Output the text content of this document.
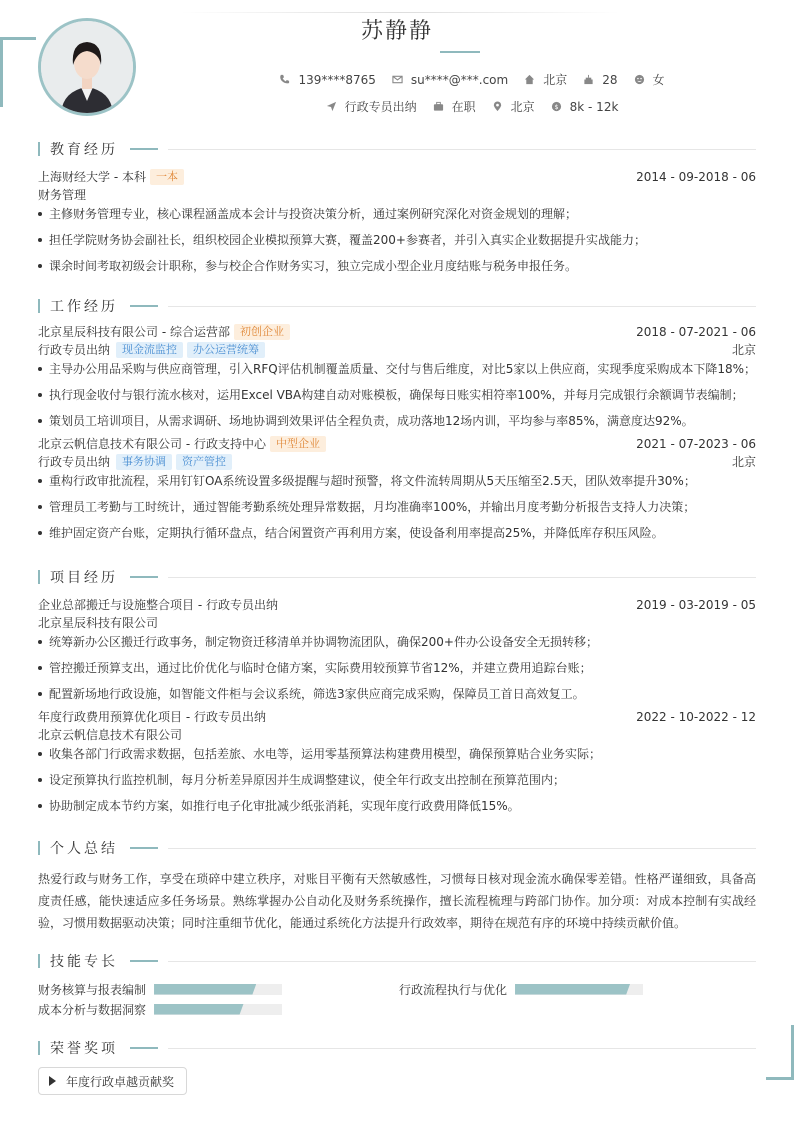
苏静静
139****8765	su****@***.com	北京	28	女
行政专员出纳	在职	北京	$ 8k - 12k
教育经历
上海财经大学 - 本科 一本	2014 - 09-2018 - 06
财务管理
主修财务管理专业，核心课程涵盖成本会计与投资决策分析，通过案例研究深化对资金规划的理解；
担任学院财务协会副社长，组织校园企业模拟预算大赛，覆盖200+参赛者，并引入真实企业数据提升实战能力；
课余时间考取初级会计职称，参与校企合作财务实习，独立完成小型企业月度结账与税务申报任务。
工作经历
北京星辰科技有限公司 - 综合运营部 初创企业	2018 - 07-2021 - 06
行政专员出纳	现金流监控	办公运营统筹	北京
主导办公用品采购与供应商管理，引入RFQ评估机制覆盖质量、交付与售后维度，对比5家以上供应商，实现季度采购成本下降18%；
执行现金收付与银行流水核对，运用Excel VBA构建自动对账模板，确保每日账实相符率100%，并每月完成银行余额调节表编制；
策划员工培训项目，从需求调研、场地协调到效果评估全程负责，成功落地12场内训，平均参与率85%，满意度达92%。
北京云帆信息技术有限公司 - 行政支持中心 中型企业	2021 - 07-2023 - 06
行政专员出纳	事务协调	资产管控	北京
重构行政审批流程，采用钉钉OA系统设置多级提醒与超时预警，将文件流转周期从5天压缩至2.5天，团队效率提升30%；
管理员工考勤与工时统计，通过智能考勤系统处理异常数据，月均准确率100%，并输出月度考勤分析报告支持人力决策；
维护固定资产台账，定期执行循环盘点，结合闲置资产再利用方案，使设备利用率提高25%，并降低库存积压风险。
项目经历
企业总部搬迁与设施整合项目 - 行政专员出纳	2019 - 03-2019 - 05
北京星辰科技有限公司
统筹新办公区搬迁行政事务，制定物资迁移清单并协调物流团队，确保200+件办公设备安全无损转移；
管控搬迁预算支出，通过比价优化与临时仓储方案，实际费用较预算节省12%，并建立费用追踪台账；
配置新场地行政设施，如智能文件柜与会议系统，筛选3家供应商完成采购，保障员工首日高效复工。
年度行政费用预算优化项目 - 行政专员出纳	2022 - 10-2022 - 12
北京云帆信息技术有限公司
收集各部门行政需求数据，包括差旅、水电等，运用零基预算法构建费用模型，确保预算贴合业务实际；
设定预算执行监控机制，每月分析差异原因并生成调整建议，使全年行政支出控制在预算范围内；
协助制定成本节约方案，如推行电子化审批减少纸张消耗，实现年度行政费用降低15%。
个人总结

热爱行政与财务工作，享受在琐碎中建立秩序，对账目平衡有天然敏感性，习惯每日核对现金流水确保零差错。性格严谨细致，具备高度责任感，能快速适应多任务场景。熟练掌握办公自动化及财务系统操作，擅长流程梳理与跨部门协作。加分项：对成本控制有实战经验，习惯用数据驱动决策；同时注重细节优化，能通过系统化方法提升行政效率，期待在规范有序的环境中持续贡献价值。

技能专长
财务核算与报表编制	行政流程执行与优化
成本分析与数据洞察
荣誉奖项
年度行政卓越贡献奖
